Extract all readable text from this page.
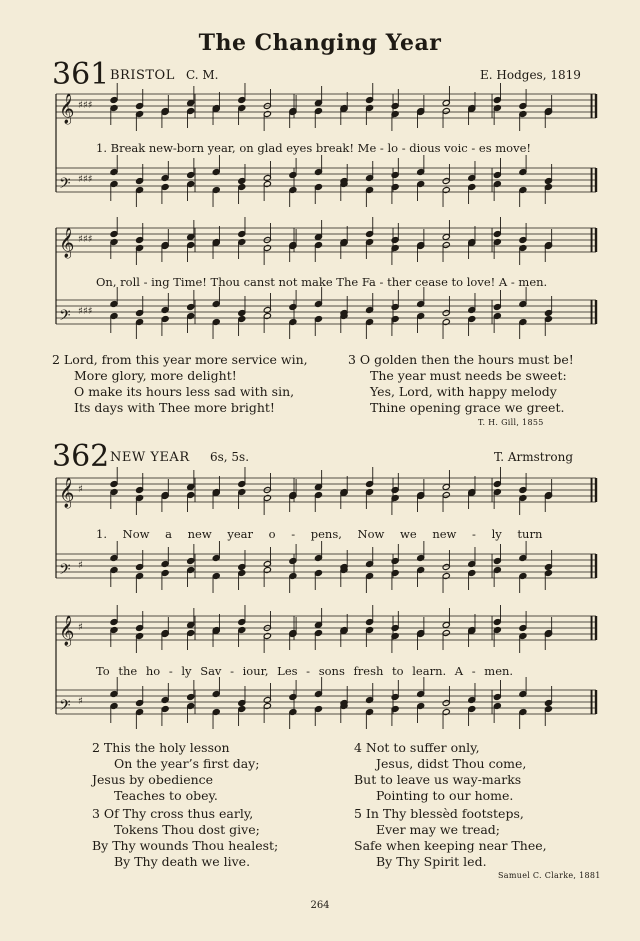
The Changing Year
361 BRISTOL C. M.	E. Hodges, 1819
𝄞 ♯♯♯
𝄢 ♯♯♯
𝄞 ♯♯♯
𝄢 ♯♯♯
𝄞 ♯
𝄢 ♯
𝄞 ♯
𝄢 ♯
1. Break new-born year, on glad eyes break! Me - lo - dious voic - es move!
On, roll - ing Time! Thou canst not make The Fa - ther cease to love! A - men.
2 Lord, from this year more service win,
More glory, more delight!
O make its hours less sad with sin,
Its days with Thee more bright!
3 O golden then the hours must be!
The year must needs be sweet:
Yes, Lord, with happy melody
Thine opening grace we greet.
T. H. Gill, 1855
362 NEW YEAR 6s, 5s.	T. Armstrong
1. Now a new year o - pens, Now we new - ly turn
To the ho - ly Sav - iour, Les - sons fresh to learn. A - men.
2 This the holy lesson
On the year’s first day;
Jesus by obedience
Teaches to obey.
3 Of Thy cross thus early,
Tokens Thou dost give;
By Thy wounds Thou healest;
By Thy death we live.
4 Not to suffer only,
Jesus, didst Thou come,
But to leave us way-marks
Pointing to our home.
5 In Thy blessèd footsteps,
Ever may we tread;
Safe when keeping near Thee,
By Thy Spirit led.
Samuel C. Clarke, 1881
264
